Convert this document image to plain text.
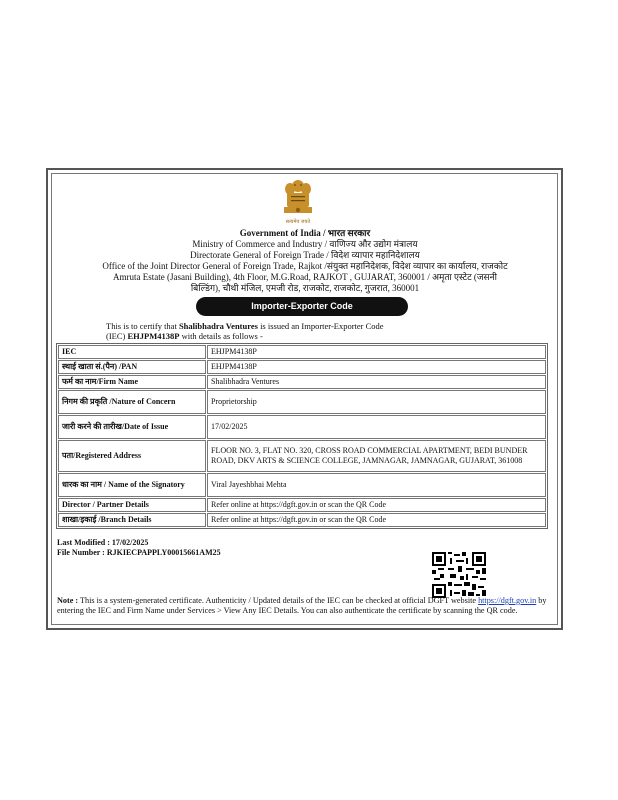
सत्यमेव जयते
Government of India / भारत सरकार
Ministry of Commerce and Industry / वाणिज्य और उद्योग मंत्रालय
Directorate General of Foreign Trade / विदेश व्यापार महानिदेशालय
Office of the Joint Director General of Foreign Trade, Rajkot /संयुक्त महानिदेशक, विदेश व्यापार का कार्यालय, राजकोट
Amruta Estate (Jasani Building), 4th Floor, M.G.Road, RAJKOT , GUJARAT, 360001 / अमृता एस्टेट (जसनी
बिल्डिंग), चौथी मंजिल, एमजी रोड, राजकोट, राजकोट, गुजरात, 360001
Importer-Exporter Code
This is to certify that Shalibhadra Ventures is issued an Importer-Exporter Code
(IEC) EHJPM4138P with details as follows -
IEC	EHJPM4138P
स्थाई खाता सं.(पैन) /PAN	EHJPM4138P
फर्म का नाम/Firm Name	Shalibhadra Ventures
निगम की प्रकृति /Nature of Concern	Proprietorship
जारी करने की तारीख/Date of Issue	17/02/2025
पता/Registered Address	FLOOR NO. 3, FLAT NO. 320, CROSS ROAD COMMERCIAL APARTMENT, BEDI BUNDER ROAD, DKV ARTS & SCIENCE COLLEGE, JAMNAGAR, JAMNAGAR, GUJARAT, 361008
धारक का नाम / Name of the Signatory	Viral Jayeshbhai Mehta
Director / Partner Details	Refer online at https://dgft.gov.in or scan the QR Code
शाखा/इकाई /Branch Details	Refer online at https://dgft.gov.in or scan the QR Code
Last Modified : 17/02/2025
File Number : RJKIECPAPPLY00015661AM25
Note : This is a system-generated certificate. Authenticity / Updated details of the IEC can be checked at official DGFT website https://dgft.gov.in by entering the IEC and Firm Name under Services > View Any IEC Details. You can also authenticate the certificate by scanning the QR code.
